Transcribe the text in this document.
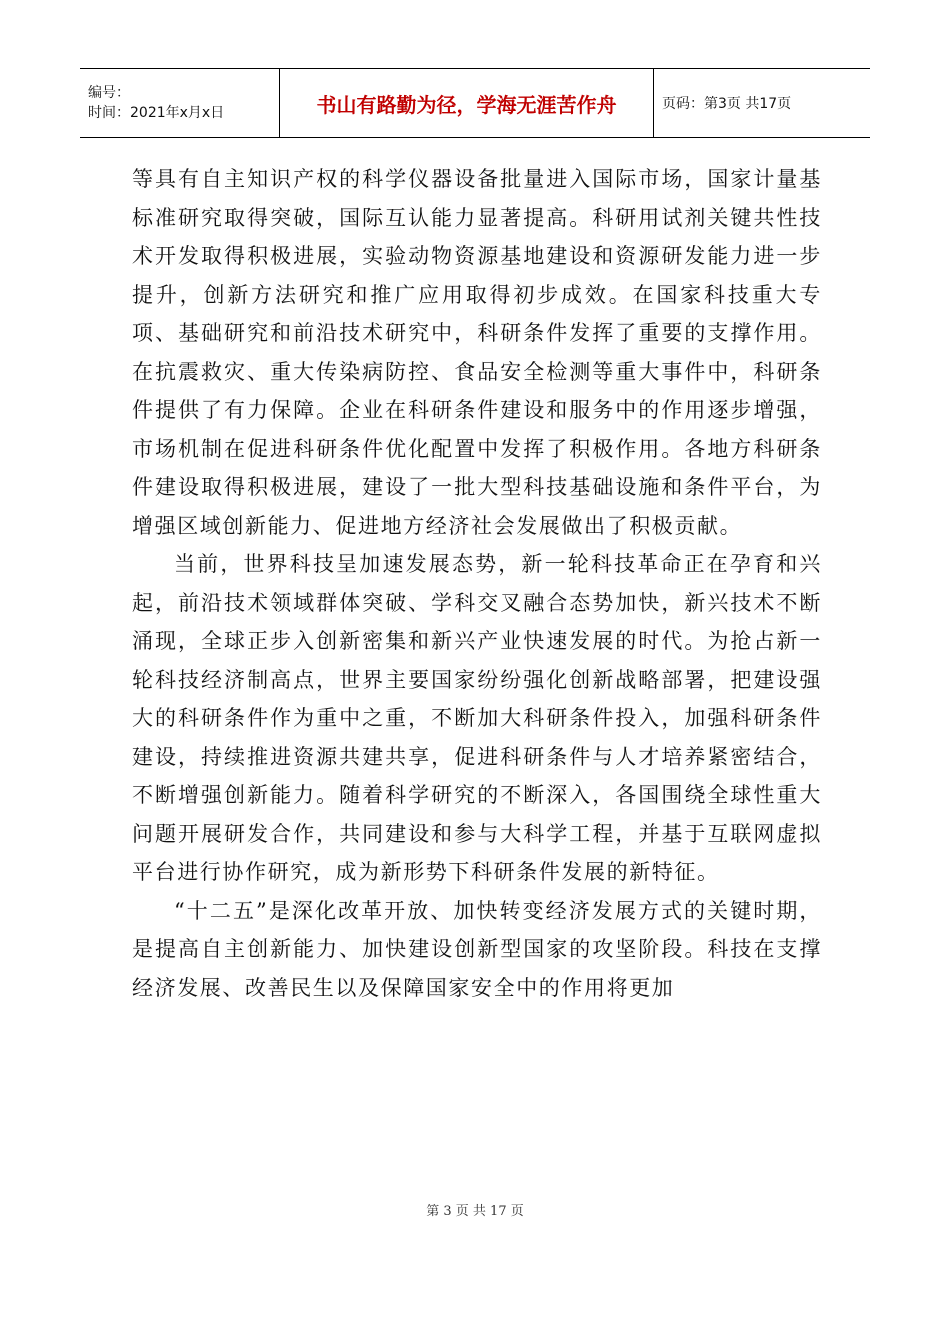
编号：
时间：2021年x月x日	书山有路勤为径，学海无涯苦作舟	页码：第3页 共17页

等具有自主知识产权的科学仪器设备批量进入国际市场，国家计量基标准研究取得突破，国际互认能力显著提高。科研用试剂关键共性技术开发取得积极进展，实验动物资源基地建设和资源研发能力进一步提升，创新方法研究和推广应用取得初步成效。在国家科技重大专项、基础研究和前沿技术研究中，科研条件发挥了重要的支撑作用。在抗震救灾、重大传染病防控、食品安全检测等重大事件中，科研条件提供了有力保障。企业在科研条件建设和服务中的作用逐步增强，市场机制在促进科研条件优化配置中发挥了积极作用。各地方科研条件建设取得积极进展，建设了一批大型科技基础设施和条件平台，为增强区域创新能力、促进地方经济社会发展做出了积极贡献。

当前，世界科技呈加速发展态势，新一轮科技革命正在孕育和兴起，前沿技术领域群体突破、学科交叉融合态势加快，新兴技术不断涌现，全球正步入创新密集和新兴产业快速发展的时代。为抢占新一轮科技经济制高点，世界主要国家纷纷强化创新战略部署，把建设强大的科研条件作为重中之重，不断加大科研条件投入，加强科研条件建设，持续推进资源共建共享，促进科研条件与人才培养紧密结合，不断增强创新能力。随着科学研究的不断深入，各国围绕全球性重大问题开展研发合作，共同建设和参与大科学工程，并基于互联网虚拟平台进行协作研究，成为新形势下科研条件发展的新特征。

“十二五”是深化改革开放、加快转变经济发展方式的关键时期，是提高自主创新能力、加快建设创新型国家的攻坚阶段。科技在支撑经济发展、改善民生以及保障国家安全中的作用将更加

第 3 页 共 17 页
